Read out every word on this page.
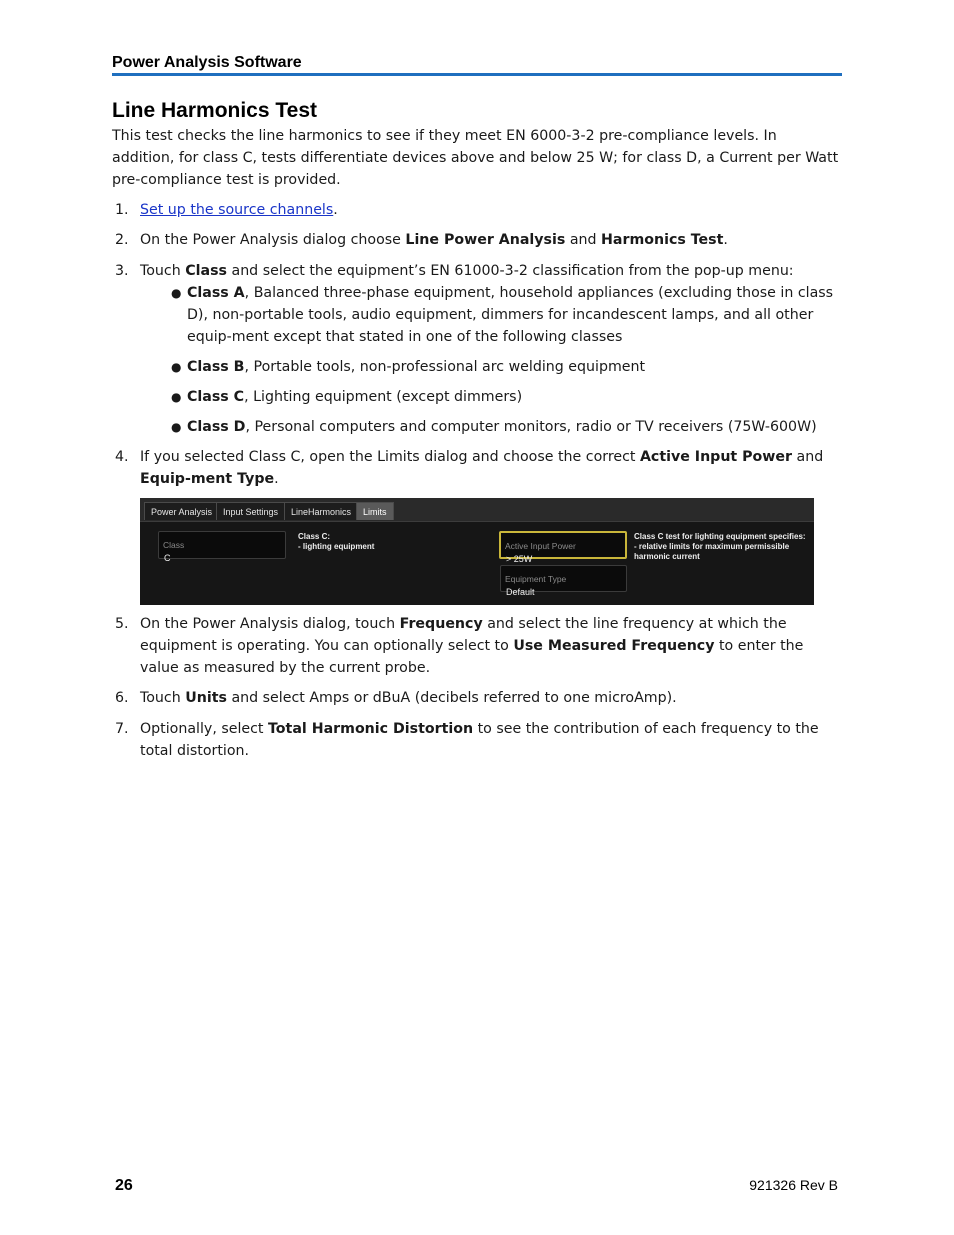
Power Analysis Software
Line Harmonics Test

This test checks the line harmonics to see if they meet EN 6000-3-2 pre-compliance levels. In addition, for class C, tests differentiate devices above and below 25 W; for class D, a Current per Watt pre-compliance test is provided.

1. Set up the source channels.
2. On the Power Analysis dialog choose Line Power Analysis and Harmonics Test.
3. Touch Class and select the equipment’s EN 61000-3-2 classification from the pop-up menu:
● Class A, Balanced three-phase equipment, household appliances (excluding those in class D), non-portable tools, audio equipment, dimmers for incandescent lamps, and all other equip-ment except that stated in one of the following classes
● Class B, Portable tools, non-professional arc welding equipment
● Class C, Lighting equipment (except dimmers)
● Class D, Personal computers and computer monitors, radio or TV receivers (75W-600W)
4. If you selected Class C, open the Limits dialog and choose the correct Active Input Power and Equip-ment Type.
Power Analysis	Input Settings	LineHarmonics	Limits
Class
C
Class C:
- lighting equipment	Active Input Power
> 25W
Equipment Type
Default
Class C test for lighting equipment specifies:
- relative limits for maximum permissible
harmonic current
5. On the Power Analysis dialog, touch Frequency and select the line frequency at which the equipment is operating. You can optionally select to Use Measured Frequency to enter the value as measured by the current probe.
6. Touch Units and select Amps or dBuA (decibels referred to one microAmp).
7. Optionally, select Total Harmonic Distortion to see the contribution of each frequency to the total distortion.
26	921326 Rev B
